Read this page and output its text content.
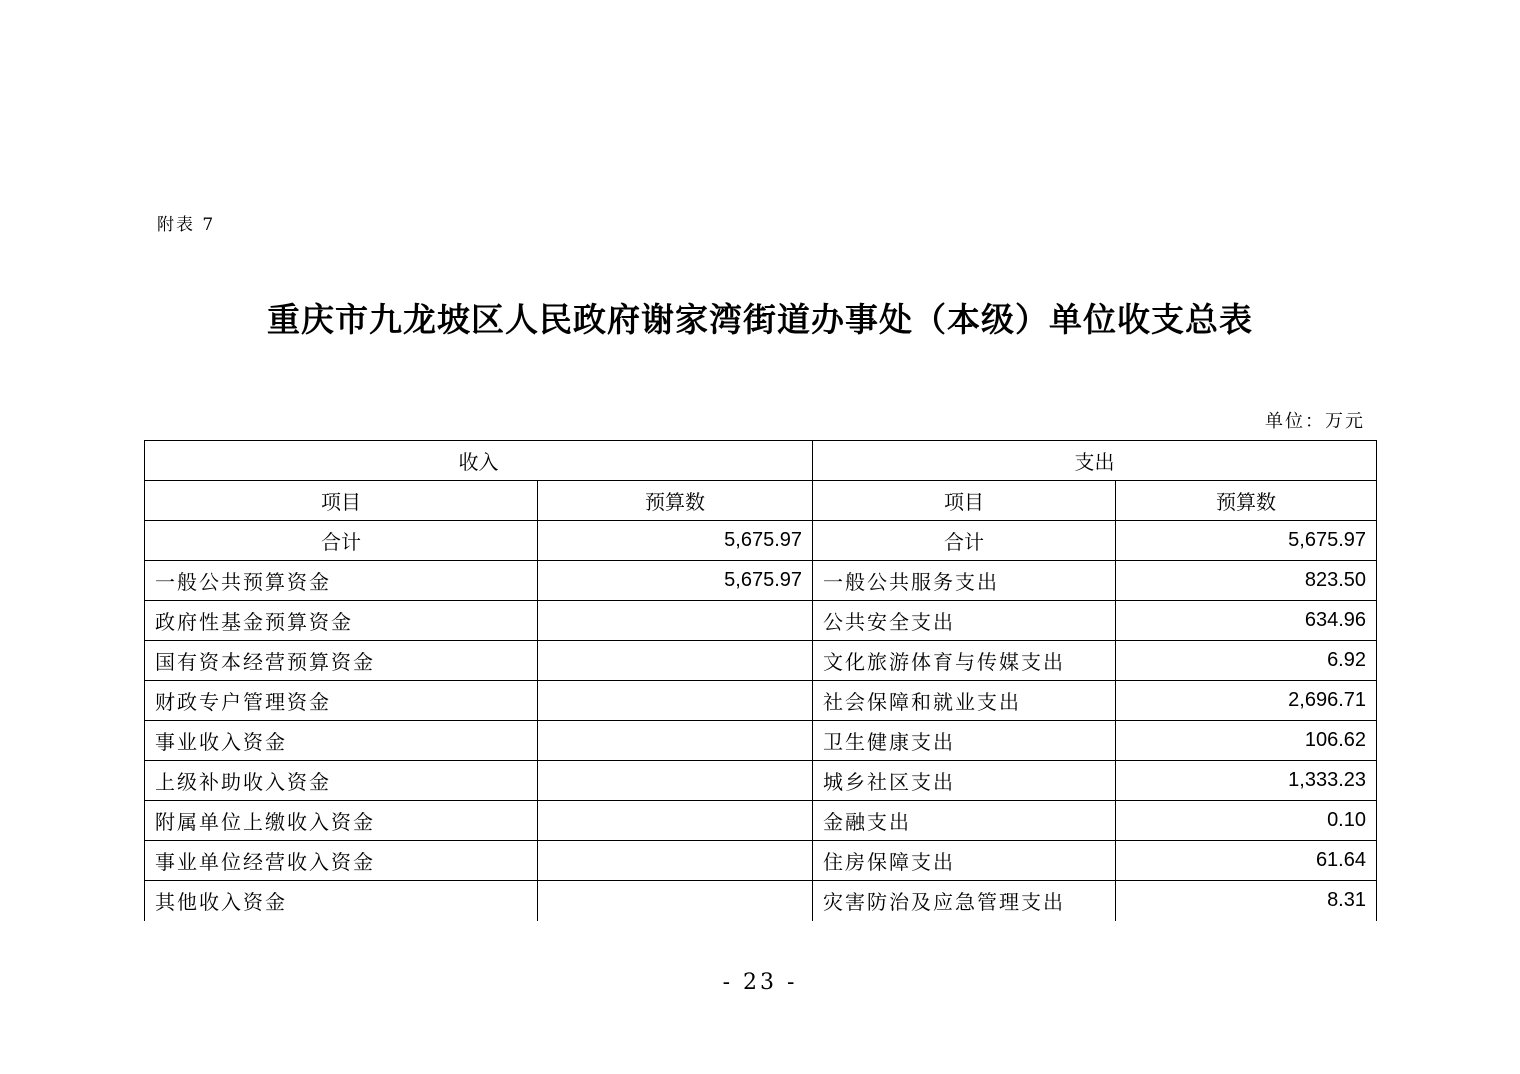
附表 7
重庆市九龙坡区人民政府谢家湾街道办事处（本级）单位收支总表
单位：万元
收入		支出	
项目	预算数	项目	预算数
合计	5,675.97	合计	5,675.97
一般公共预算资金	5,675.97	一般公共服务支出	823.50
政府性基金预算资金		公共安全支出	634.96
国有资本经营预算资金		文化旅游体育与传媒支出	6.92
财政专户管理资金		社会保障和就业支出	2,696.71
事业收入资金		卫生健康支出	106.62
上级补助收入资金		城乡社区支出	1,333.23
附属单位上缴收入资金		金融支出	0.10
事业单位经营收入资金		住房保障支出	61.64
其他收入资金		灾害防治及应急管理支出	8.31
- 23 -
